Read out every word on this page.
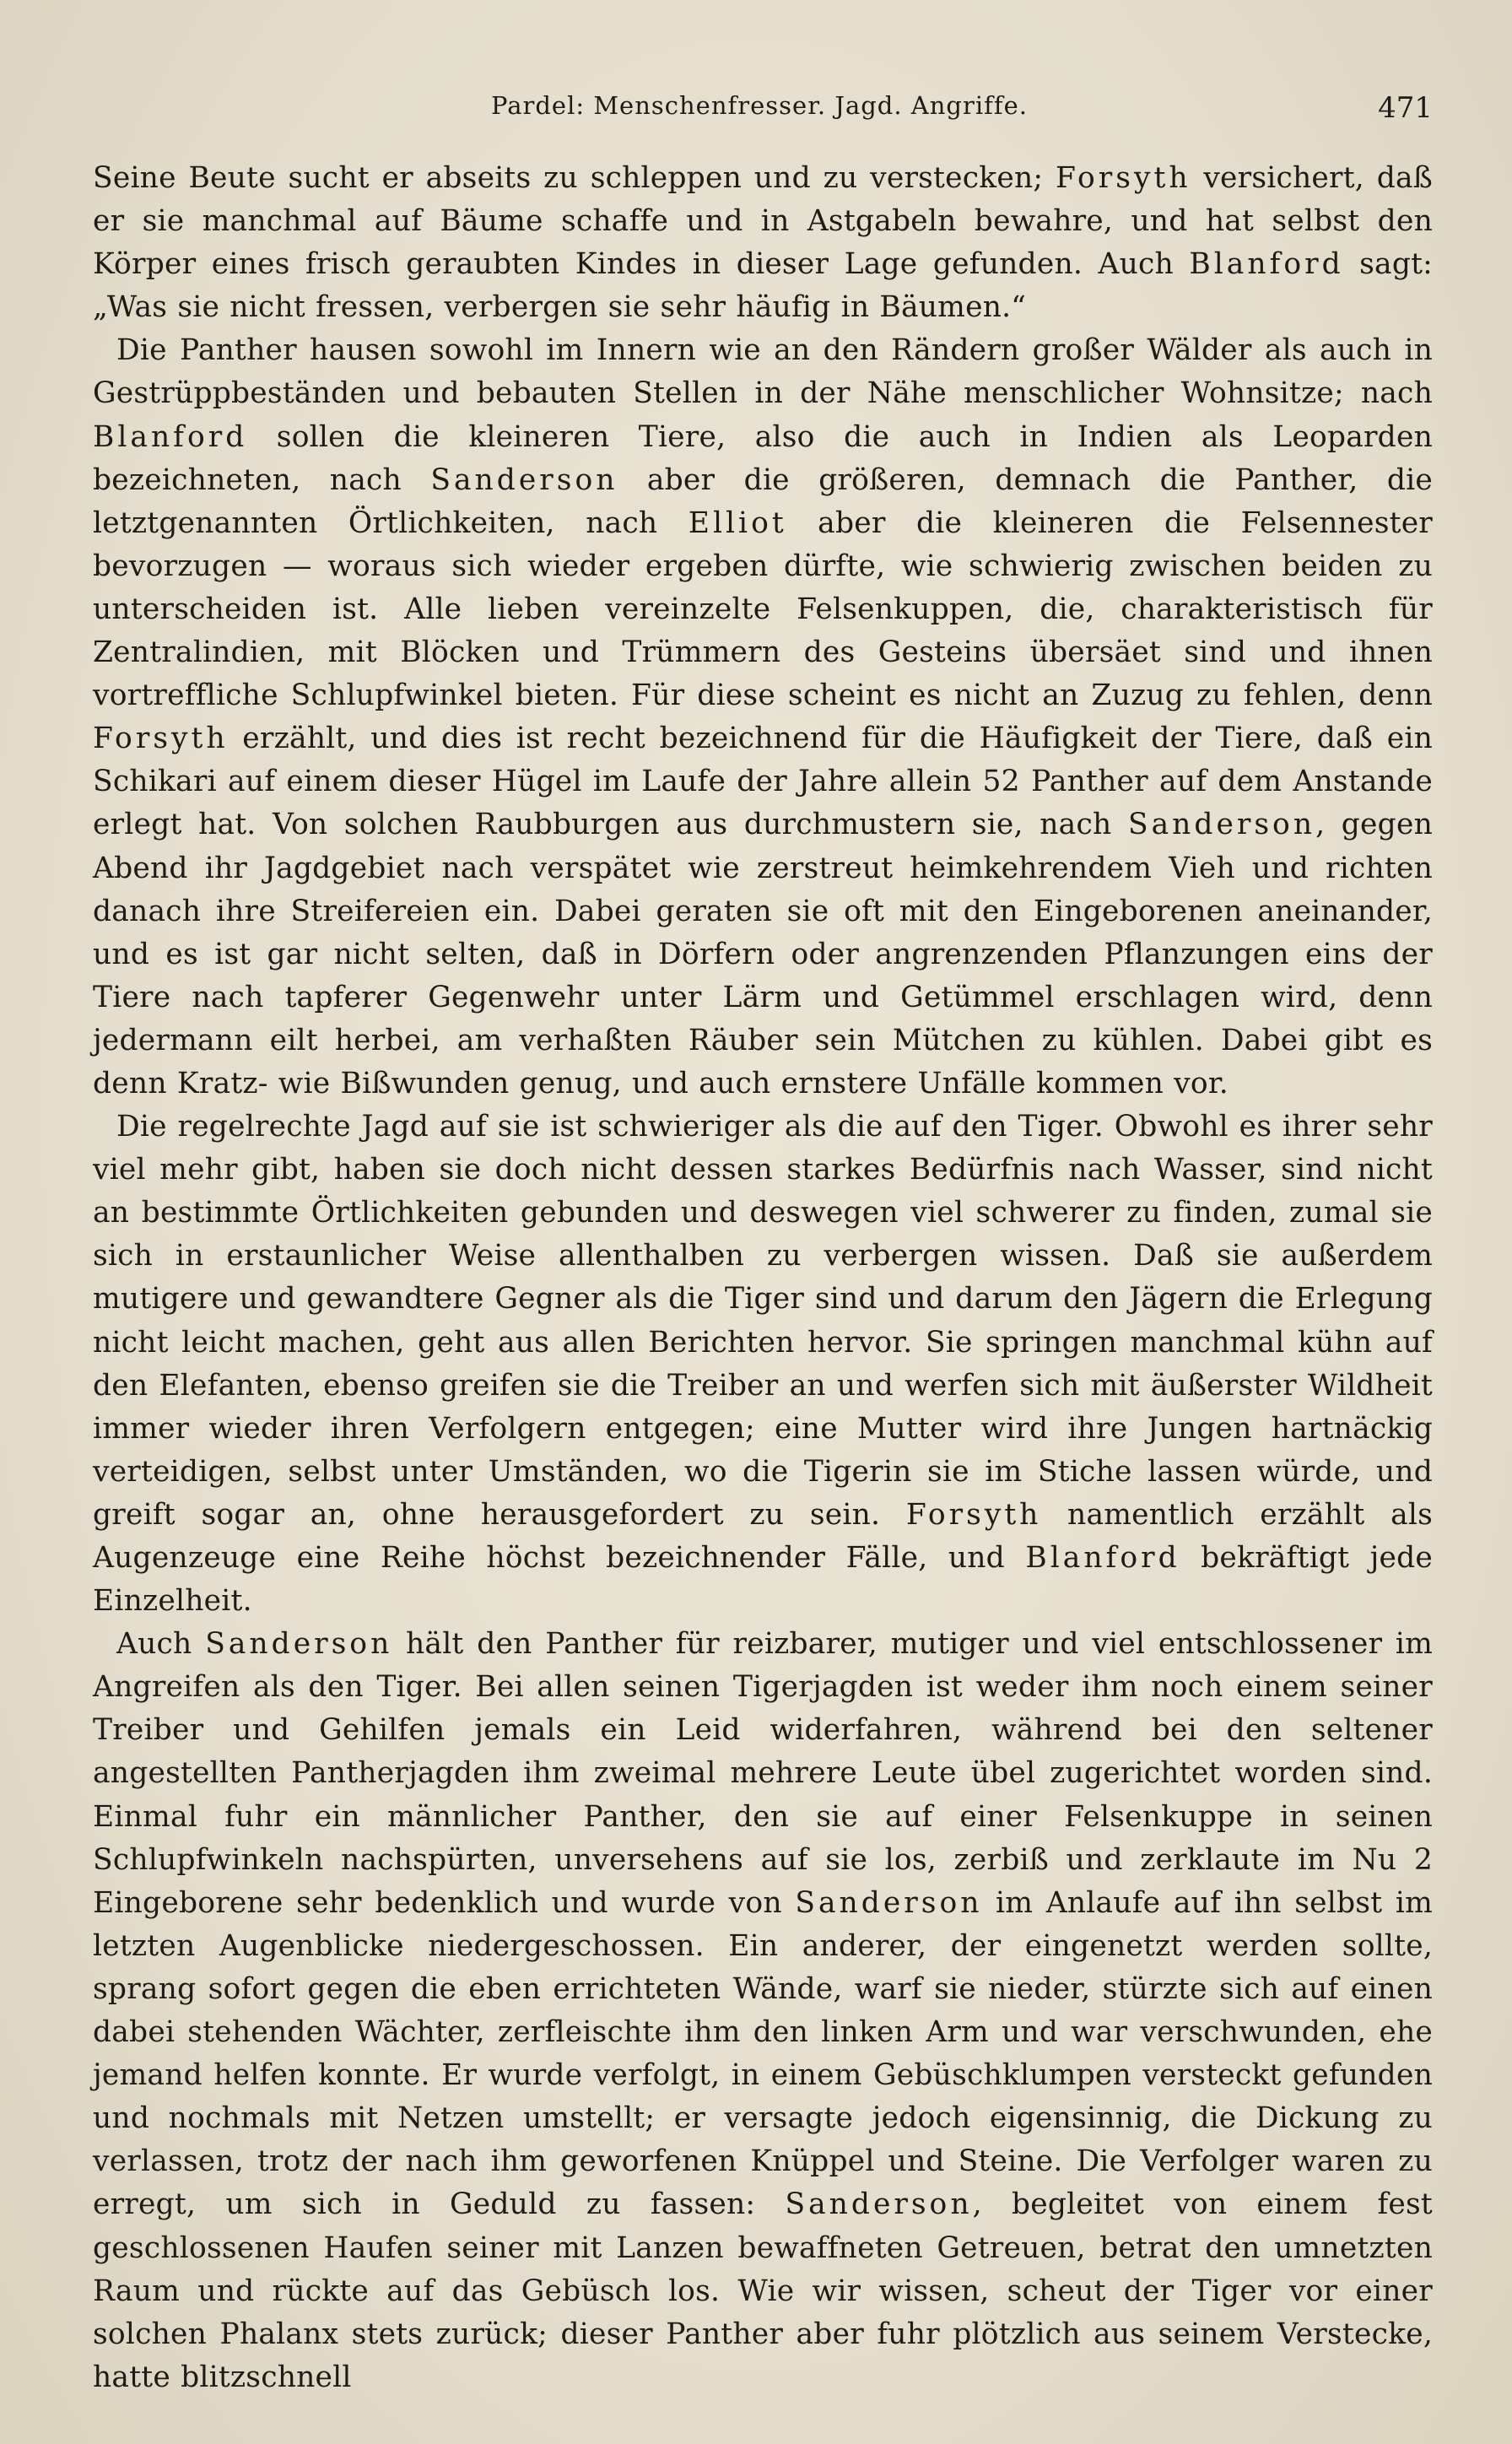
Pardel: Menschenfresser. Jagd. Angriffe.	471

Seine Beute sucht er abseits zu schleppen und zu verstecken; Forsyth versichert, daß er sie manchmal auf Bäume schaffe und in Astgabeln bewahre, und hat selbst den Körper eines frisch geraubten Kindes in dieser Lage gefunden. Auch Blanford sagt: „Was sie nicht fressen, verbergen sie sehr häufig in Bäumen.“

Die Panther hausen sowohl im Innern wie an den Rändern großer Wälder als auch in Gestrüppbeständen und bebauten Stellen in der Nähe menschlicher Wohnsitze; nach Blanford sollen die kleineren Tiere, also die auch in Indien als Leoparden bezeichneten, nach Sanderson aber die größeren, demnach die Panther, die letztgenannten Örtlichkeiten, nach Elliot aber die kleineren die Felsennester bevorzugen — woraus sich wieder ergeben dürfte, wie schwierig zwischen beiden zu unterscheiden ist. Alle lieben vereinzelte Felsenkuppen, die, charakteristisch für Zentralindien, mit Blöcken und Trümmern des Gesteins übersäet sind und ihnen vortreffliche Schlupfwinkel bieten. Für diese scheint es nicht an Zuzug zu fehlen, denn Forsyth erzählt, und dies ist recht bezeichnend für die Häufigkeit der Tiere, daß ein Schikari auf einem dieser Hügel im Laufe der Jahre allein 52 Panther auf dem Anstande erlegt hat. Von solchen Raubburgen aus durchmustern sie, nach Sanderson, gegen Abend ihr Jagdgebiet nach verspätet wie zerstreut heimkehrendem Vieh und richten danach ihre Streifereien ein. Dabei geraten sie oft mit den Eingeborenen aneinander, und es ist gar nicht selten, daß in Dörfern oder angrenzenden Pflanzungen eins der Tiere nach tapferer Gegenwehr unter Lärm und Getümmel erschlagen wird, denn jedermann eilt herbei, am verhaßten Räuber sein Mütchen zu kühlen. Dabei gibt es denn Kratz- wie Bißwunden genug, und auch ernstere Unfälle kommen vor.

Die regelrechte Jagd auf sie ist schwieriger als die auf den Tiger. Obwohl es ihrer sehr viel mehr gibt, haben sie doch nicht dessen starkes Bedürfnis nach Wasser, sind nicht an bestimmte Örtlichkeiten gebunden und deswegen viel schwerer zu finden, zumal sie sich in erstaunlicher Weise allenthalben zu verbergen wissen. Daß sie außerdem mutigere und gewandtere Gegner als die Tiger sind und darum den Jägern die Erlegung nicht leicht machen, geht aus allen Berichten hervor. Sie springen manchmal kühn auf den Elefanten, ebenso greifen sie die Treiber an und werfen sich mit äußerster Wildheit immer wieder ihren Verfolgern entgegen; eine Mutter wird ihre Jungen hartnäckig verteidigen, selbst unter Umständen, wo die Tigerin sie im Stiche lassen würde, und greift sogar an, ohne herausgefordert zu sein. Forsyth namentlich erzählt als Augenzeuge eine Reihe höchst bezeichnender Fälle, und Blanford bekräftigt jede Einzelheit.

Auch Sanderson hält den Panther für reizbarer, mutiger und viel entschlossener im Angreifen als den Tiger. Bei allen seinen Tigerjagden ist weder ihm noch einem seiner Treiber und Gehilfen jemals ein Leid widerfahren, während bei den seltener angestellten Pantherjagden ihm zweimal mehrere Leute übel zugerichtet worden sind. Einmal fuhr ein männlicher Panther, den sie auf einer Felsenkuppe in seinen Schlupfwinkeln nachspürten, unversehens auf sie los, zerbiß und zerklaute im Nu 2 Eingeborene sehr bedenklich und wurde von Sanderson im Anlaufe auf ihn selbst im letzten Augenblicke niedergeschossen. Ein anderer, der eingenetzt werden sollte, sprang sofort gegen die eben errichteten Wände, warf sie nieder, stürzte sich auf einen dabei stehenden Wächter, zerfleischte ihm den linken Arm und war verschwunden, ehe jemand helfen konnte. Er wurde verfolgt, in einem Gebüschklumpen versteckt gefunden und nochmals mit Netzen umstellt; er versagte jedoch eigensinnig, die Dickung zu verlassen, trotz der nach ihm geworfenen Knüppel und Steine. Die Verfolger waren zu erregt, um sich in Geduld zu fassen: Sanderson, begleitet von einem fest geschlossenen Haufen seiner mit Lanzen bewaffneten Getreuen, betrat den umnetzten Raum und rückte auf das Gebüsch los. Wie wir wissen, scheut der Tiger vor einer solchen Phalanx stets zurück; dieser Panther aber fuhr plötzlich aus seinem Verstecke, hatte blitzschnell
